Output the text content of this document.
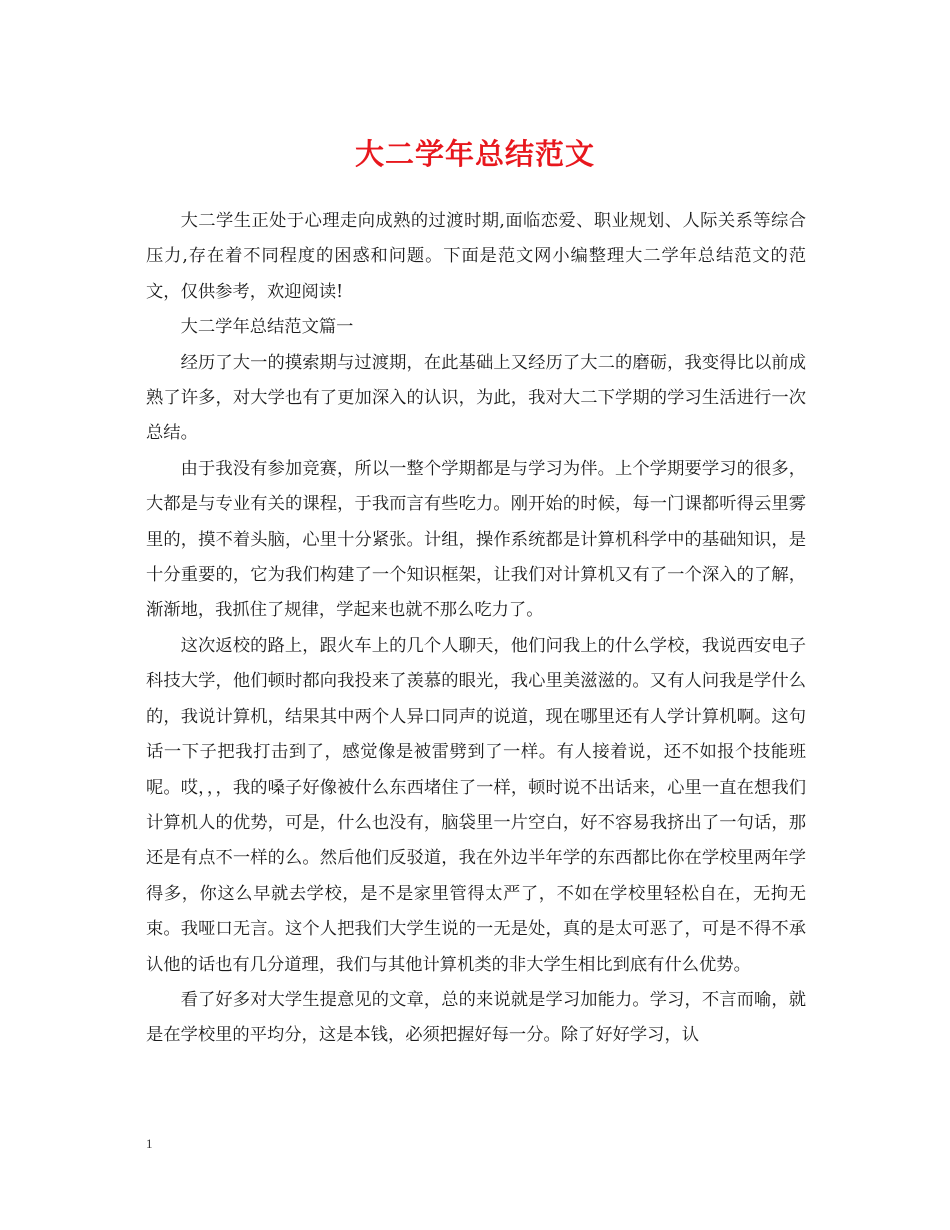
大二学年总结范文

大二学生正处于心理走向成熟的过渡时期,面临恋爱、职业规划、人际关系等综合压力,存在着不同程度的困惑和问题。下面是范文网小编整理大二学年总结范文的范文，仅供参考，欢迎阅读!

大二学年总结范文篇一

经历了大一的摸索期与过渡期，在此基础上又经历了大二的磨砺，我变得比以前成熟了许多，对大学也有了更加深入的认识，为此，我对大二下学期的学习生活进行一次总结。

由于我没有参加竞赛，所以一整个学期都是与学习为伴。上个学期要学习的很多，大都是与专业有关的课程，于我而言有些吃力。刚开始的时候，每一门课都听得云里雾里的，摸不着头脑，心里十分紧张。计组，操作系统都是计算机科学中的基础知识，是十分重要的，它为我们构建了一个知识框架，让我们对计算机又有了一个深入的了解，渐渐地，我抓住了规律，学起来也就不那么吃力了。

这次返校的路上，跟火车上的几个人聊天，他们问我上的什么学校，我说西安电子科技大学，他们顿时都向我投来了羡慕的眼光，我心里美滋滋的。又有人问我是学什么的，我说计算机，结果其中两个人异口同声的说道，现在哪里还有人学计算机啊。这句话一下子把我打击到了，感觉像是被雷劈到了一样。有人接着说，还不如报个技能班呢。哎，，，我的嗓子好像被什么东西堵住了一样，顿时说不出话来，心里一直在想我们计算机人的优势，可是，什么也没有，脑袋里一片空白，好不容易我挤出了一句话，那还是有点不一样的么。然后他们反驳道，我在外边半年学的东西都比你在学校里两年学得多，你这么早就去学校，是不是家里管得太严了，不如在学校里轻松自在，无拘无束。我哑口无言。这个人把我们大学生说的一无是处，真的是太可恶了，可是不得不承认他的话也有几分道理，我们与其他计算机类的非大学生相比到底有什么优势。

看了好多对大学生提意见的文章，总的来说就是学习加能力。学习，不言而喻，就是在学校里的平均分，这是本钱，必须把握好每一分。除了好好学习，认

1
